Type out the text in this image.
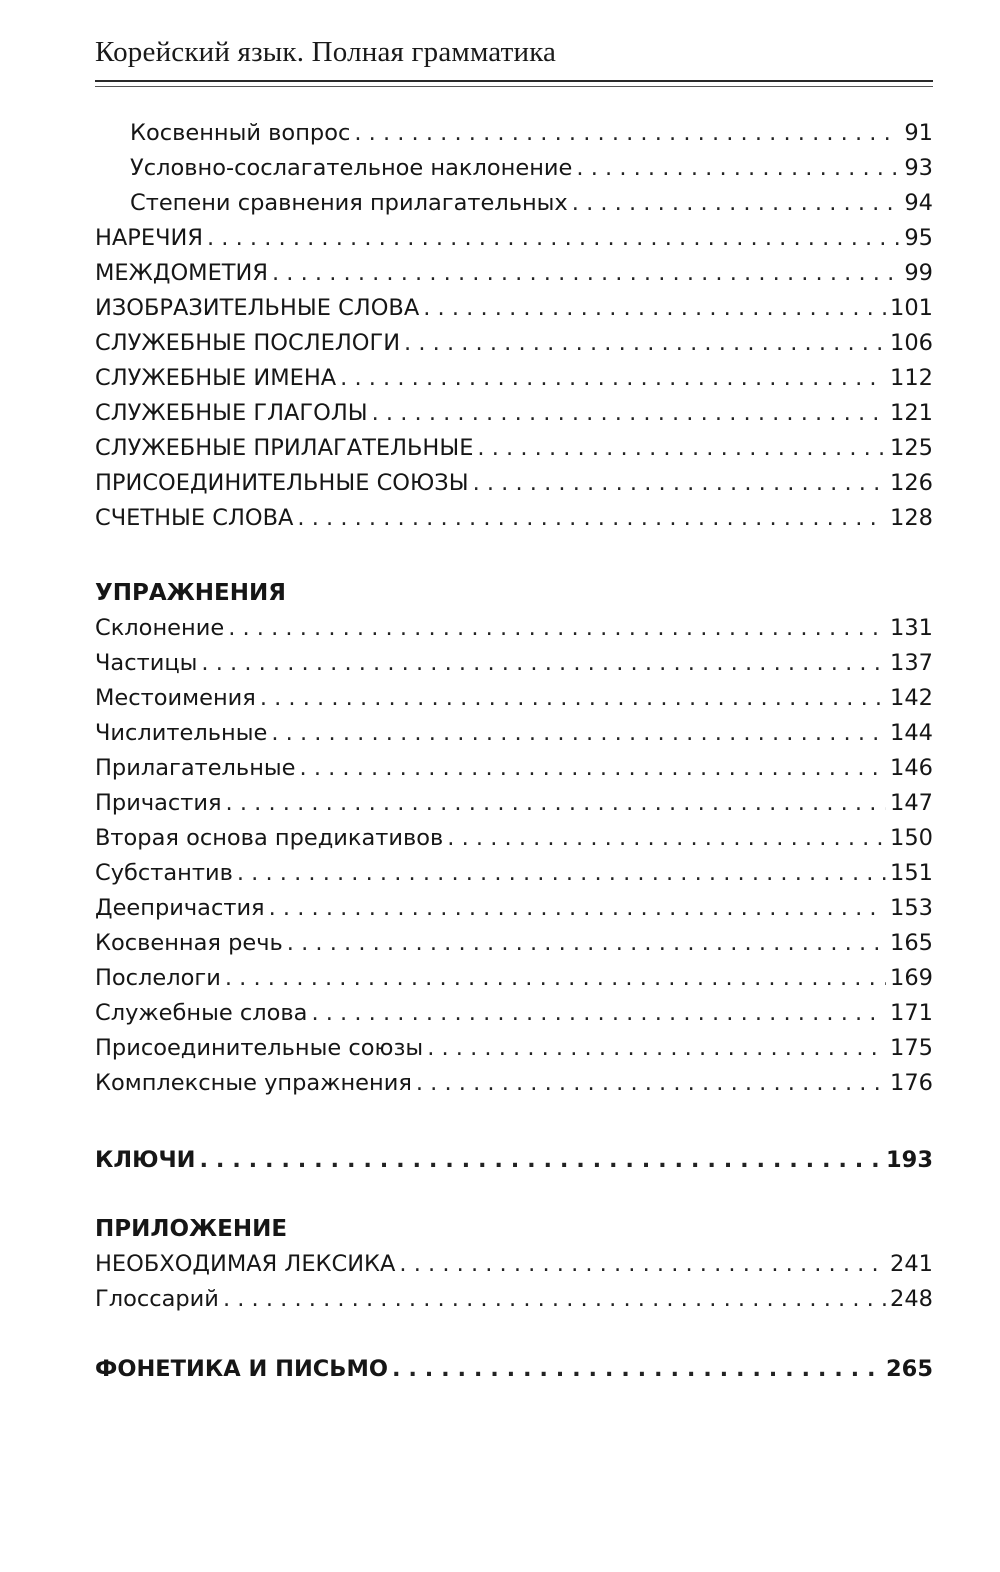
Корейский язык. Полная грамматика
Косвенный вопрос . . .	91
Условно-сослагательное наклонение . . .	93
Степени сравнения прилагательных . . .	94
НАРЕЧИЯ . . .	95
МЕЖДОМЕТИЯ . . .	99
ИЗОБРАЗИТЕЛЬНЫЕ СЛОВА . . .	101
СЛУЖЕБНЫЕ ПОСЛЕЛОГИ . . .	106
СЛУЖЕБНЫЕ ИМЕНА . . .	112
СЛУЖЕБНЫЕ ГЛАГОЛЫ . . .	121
СЛУЖЕБНЫЕ ПРИЛАГАТЕЛЬНЫЕ . . .	125
ПРИСОЕДИНИТЕЛЬНЫЕ СОЮЗЫ . . .	126
СЧЕТНЫЕ СЛОВА . . .	128
УПРАЖНЕНИЯ
Склонение . . .	131
Частицы . . .	137
Местоимения . . .	142
Числительные . . .	144
Прилагательные . . .	146
Причастия . . .	147
Вторая основа предикативов . . .	150
Субстантив . . .	151
Деепричастия . . .	153
Косвенная речь . . .	165
Послелоги . . .	169
Служебные слова . . .	171
Присоединительные союзы . . .	175
Комплексные упражнения . . .	176
КЛЮЧИ . . .	193
ПРИЛОЖЕНИЕ
НЕОБХОДИМАЯ ЛЕКСИКА . . .	241
Глоссарий . . .	248
ФОНЕТИКА И ПИСЬМО . . .	265
